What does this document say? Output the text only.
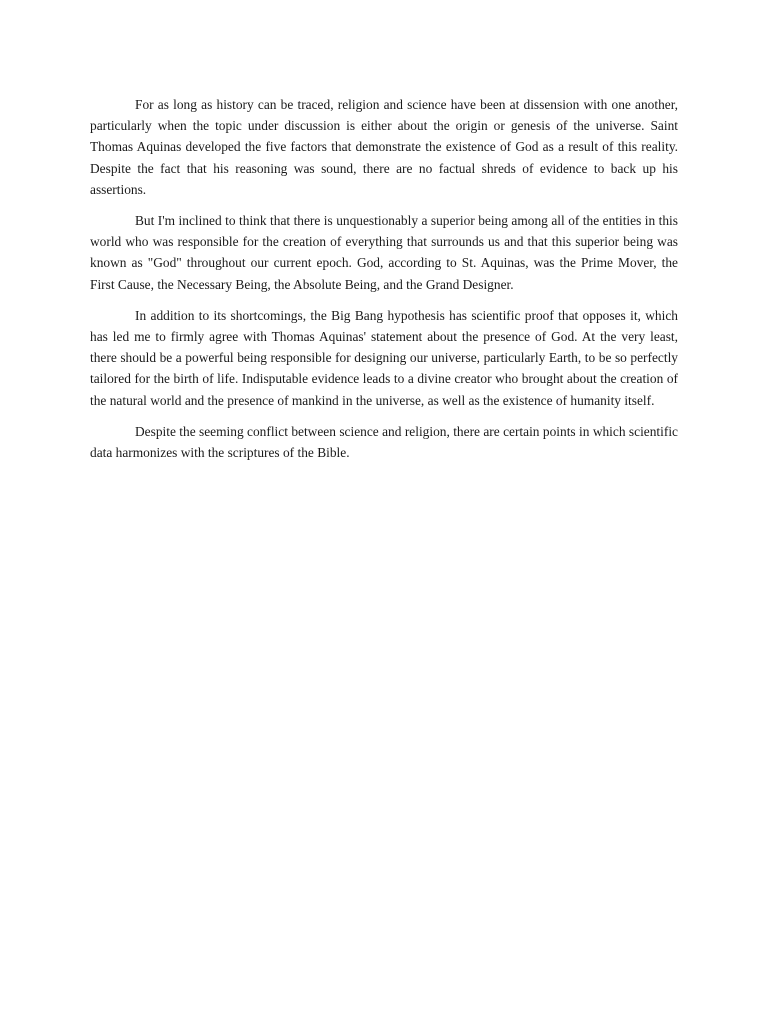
For as long as history can be traced, religion and science have been at dissension with one another, particularly when the topic under discussion is either about the origin or genesis of the universe. Saint Thomas Aquinas developed the five factors that demonstrate the existence of God as a result of this reality. Despite the fact that his reasoning was sound, there are no factual shreds of evidence to back up his assertions.

But I'm inclined to think that there is unquestionably a superior being among all of the entities in this world who was responsible for the creation of everything that surrounds us and that this superior being was known as "God" throughout our current epoch. God, according to St. Aquinas, was the Prime Mover, the First Cause, the Necessary Being, the Absolute Being, and the Grand Designer.

In addition to its shortcomings, the Big Bang hypothesis has scientific proof that opposes it, which has led me to firmly agree with Thomas Aquinas' statement about the presence of God. At the very least, there should be a powerful being responsible for designing our universe, particularly Earth, to be so perfectly tailored for the birth of life. Indisputable evidence leads to a divine creator who brought about the creation of the natural world and the presence of mankind in the universe, as well as the existence of humanity itself.

Despite the seeming conflict between science and religion, there are certain points in which scientific data harmonizes with the scriptures of the Bible.
